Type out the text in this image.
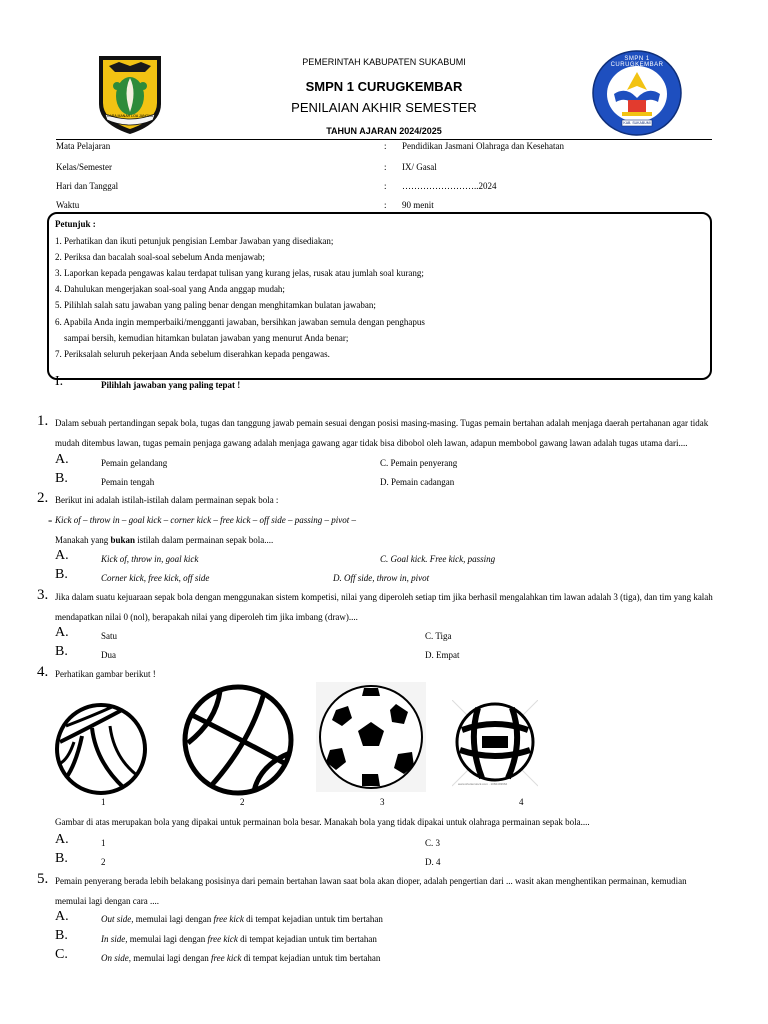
CARA MANAH LOA JANGKA
SMPN 1 CURUGKEMBAR
KAB. SUKABUMI
PEMERINTAH KABUPATEN SUKABUMI
SMPN 1 CURUGKEMBAR
PENILAIAN AKHIR SEMESTER
TAHUN AJARAN 2024/2025
Mata Pelajaran	: Pendidikan Jasmani Olahraga dan Kesehatan
Kelas/Semester	: IX/ Gasal
Hari dan Tanggal	: ……………………..2024
Waktu	: 90 menit
Petunjuk :
1. Perhatikan dan ikuti petunjuk pengisian Lembar Jawaban yang disediakan;
2. Periksa dan bacalah soal-soal sebelum Anda menjawab;
3. Laporkan kepada pengawas kalau terdapat tulisan yang kurang jelas, rusak atau jumlah soal kurang;
4. Dahulukan mengerjakan soal-soal yang Anda anggap mudah;
5. Pilihlah salah satu jawaban yang paling benar dengan menghitamkan bulatan jawaban;
6. Apabila Anda ingin memperbaiki/mengganti jawaban, bersihkan jawaban semula dengan penghapus
sampai bersih, kemudian hitamkan bulatan jawaban yang menurut Anda benar;
7. Periksalah seluruh pekerjaan Anda sebelum diserahkan kepada pengawas.
I.	Pilihlah jawaban yang paling tepat !
1. Dalam sebuah pertandingan sepak bola, tugas dan tanggung jawab pemain sesuai dengan posisi masing-masing. Tugas pemain bertahan adalah menjaga daerah pertahanan agar tidak
mudah ditembus lawan, tugas pemain penjaga gawang adalah menjaga gawang agar tidak bisa dibobol oleh lawan, adapun membobol gawang lawan adalah tugas utama dari....
A.	Pemain gelandang	C. Pemain penyerang
B.	Pemain tengah	D. Pemain cadangan
2. Berikut ini adalah istilah-istilah dalam permainan sepak bola :
- Kick of – throw in – goal kick – corner kick – free kick – off side – passing – pivot –
Manakah yang bukan istilah dalam permainan sepak bola....
A.	Kick of, throw in, goal kick	C. Goal kick. Free kick, passing
B.	Corner kick, free kick, off side	D. Off side, throw in, pivot
3. Jika dalam suatu kejuaraan sepak bola dengan menggunakan sistem kompetisi, nilai yang diperoleh setiap tim jika berhasil mengalahkan tim lawan adalah 3 (tiga), dan tim yang kalah
mendapatkan nilai 0 (nol), berapakah nilai yang diperoleh tim jika imbang (draw)....
A.	Satu	C. Tiga
B.	Dua	D. Empat
4. Perhatikan gambar berikut !
www.shutterstock.com · 1082493962
1	2	3	4
Gambar di atas merupakan bola yang dipakai untuk permainan bola besar. Manakah bola yang tidak dipakai untuk olahraga permainan sepak bola....
A.	1	C. 3
B.	2	D. 4
5. Pemain penyerang berada lebih belakang posisinya dari pemain bertahan lawan saat bola akan dioper, adalah pengertian dari ... wasit akan menghentikan permainan, kemudian
memulai lagi dengan cara ....
A.	Out side, memulai lagi dengan free kick di tempat kejadian untuk tim bertahan
B.	In side, memulai lagi dengan free kick di tempat kejadian untuk tim bertahan
C.	On side, memulai lagi dengan free kick di tempat kejadian untuk tim bertahan
